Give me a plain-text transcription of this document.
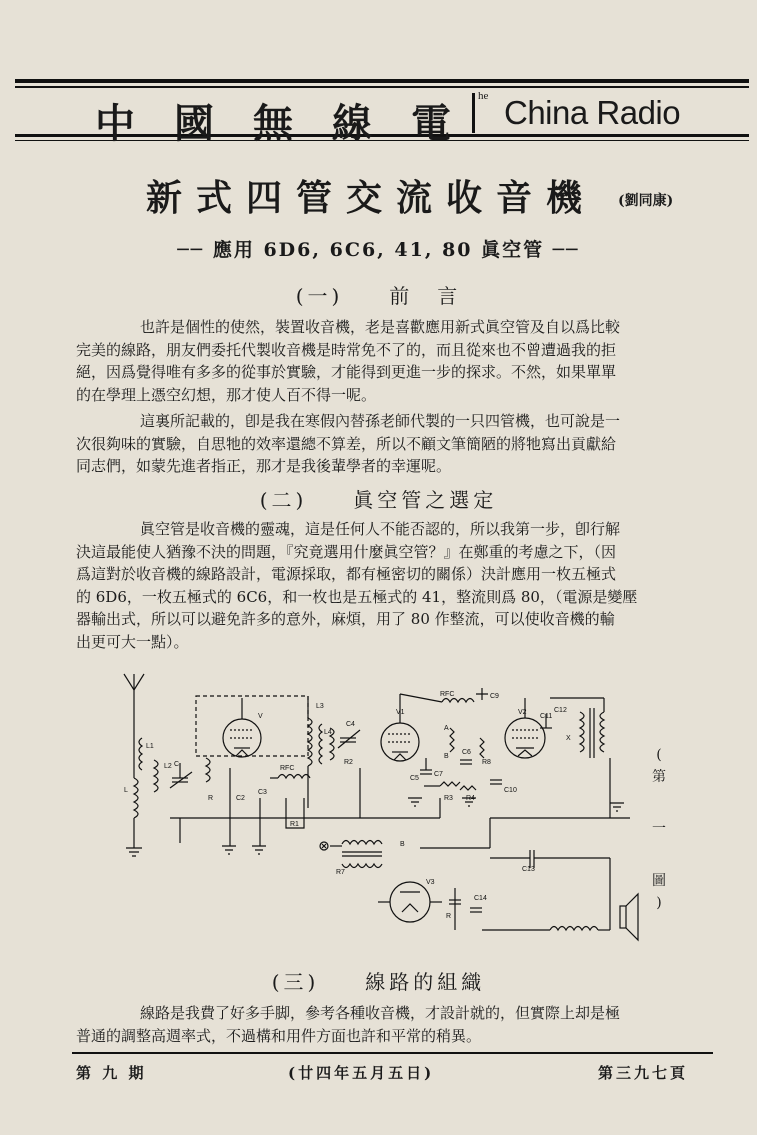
中 國 無 線 電
he China Radio
新式四管交流收音機 (劉同康)
── 應用 6D6, 6C6, 41, 80 眞空管 ──
(一) 前　言
也許是個性的使然，裝置收音機，老是喜歡應用新式眞空管及自以爲比較
完美的線路，朋友們委托代製收音機是時常免不了的，而且從來也不曾遭過我的拒
絕，因爲覺得唯有多多的從事於實驗，才能得到更進一步的探求。不然，如果單單
的在學理上憑空幻想，那才使人百不得一呢。
這裏所記載的，卽是我在寒假內替孫老師代製的一只四管機，也可說是一
次很夠味的實驗，自思牠的效率還總不算差，所以不顧文筆簡陋的將牠寫出貢獻給
同志們，如蒙先進者指正，那才是我後輩學者的幸運呢。
(二) 眞空管之選定
眞空管是收音機的靈魂，這是任何人不能否認的，所以我第一步，卽行解
決這最能使人猶豫不決的問題，『究竟選用什麼眞空管？』在鄭重的考慮之下，（因
爲這對於收音機的線路設計，電源採取，都有極密切的關係）決計應用一枚五極式
的 6D6，一枚五極式的 6C6，和一枚也是五極式的 41，整流則爲 80，（電源是變壓
器輸出式，所以可以避免許多的意外，麻煩，用了 80 作整流，可以使收音機的輸
出更可大一點）。
L
L1
L2 C
R	C2
C3
V
RFC
R1
L3
L4
C4
R2
V1
RFC	C9
A
B
C6
C5
C7
R3 R4
R8
C10
V2
C11
C12
X
B
R7	C13
V3
C14
R
(
第
一
圖
)
(三) 線路的組織
線路是我費了好多手脚，參考各種收音機，才設計就的，但實際上却是極
普通的調整高週率式，不過構和用件方面也許和平常的稍異。
第 九 期	(廿四年五月五日)	第三九七頁
